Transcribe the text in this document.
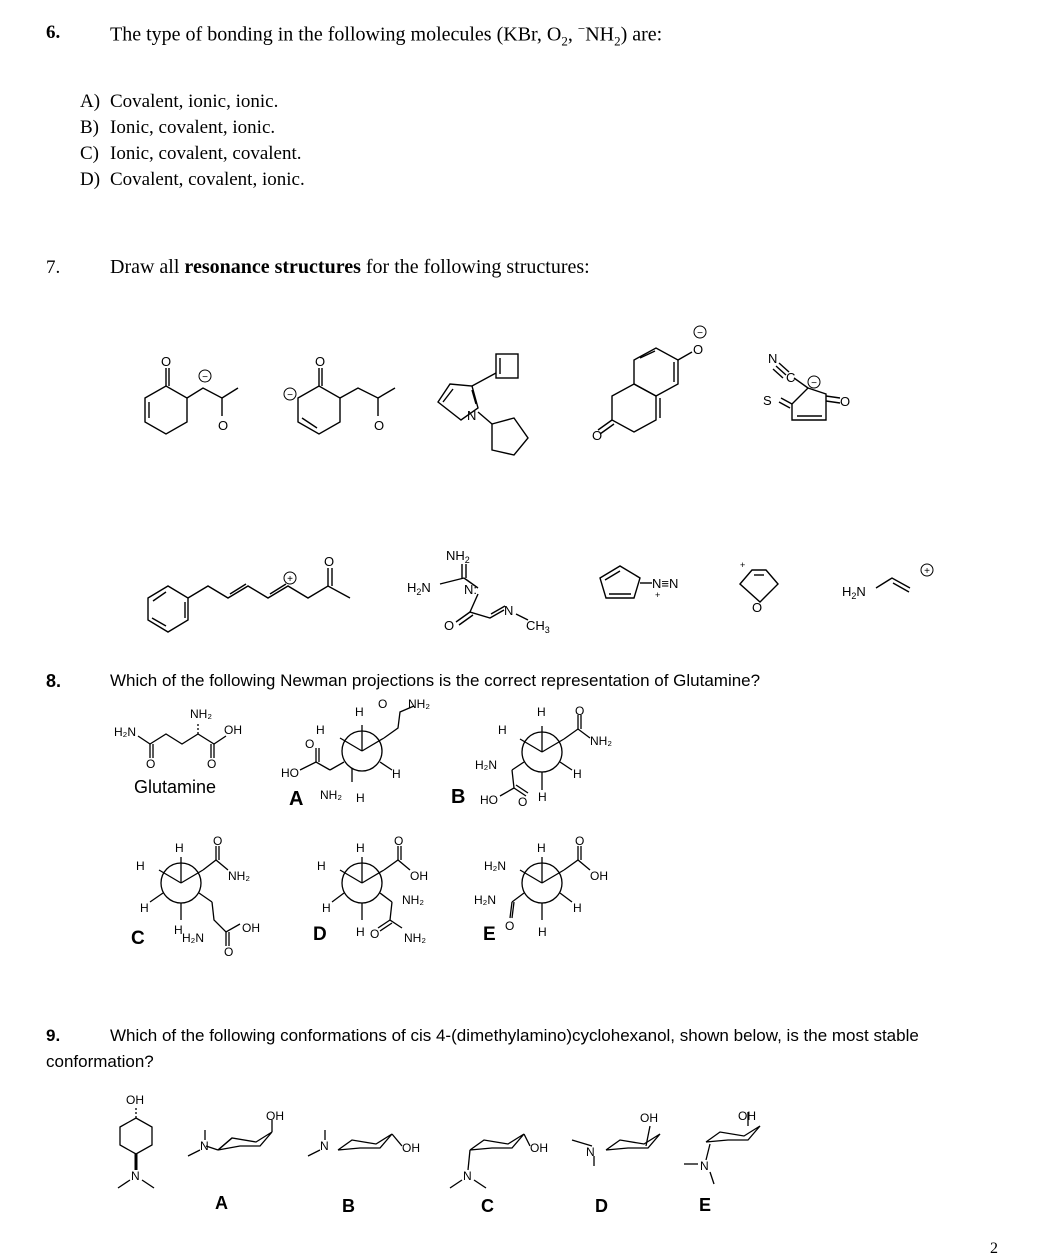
6. The type of bonding in the following molecules (KBr, $O_2$, $^-NH_2$) are:
A) Covalent, ionic, ionic.
B) Ionic, covalent, ionic.
C) Ionic, covalent, covalent.
D) Covalent, covalent, ionic.
7. Draw all resonance structures for the following structures:
O
O
O
O
N
O
O
S	O
N
C
O	$NH_2$
$H_2N$	N:
O
N
$CH_3$
N≡N
+
+
O
$H_2N$
−
−
−
−
+
+
8.	Which of the following Newman projections is the correct representation of Glutamine?
H₂N
NH₂
OH
O	O
H
H
H
H
NH₂
HO
O
O NH₂
H
H
H
H
H₂N
HO O
O
NH₂
H
H
H
H
H₂N
O
NH₂
OH
O
H
H
H
H
O
OH
NH₂
O NH₂
H
H₂N
H
H
H₂N
O
O
OH
Glutamine
A	B
C	D	E
9.	Which of the following conformations of cis 4-(dimethylamino)cyclohexanol, shown below, is the most stable
conformation?
OH
N
OH
N	N	OH	OH
N
N
OH	OH
N
A	B	C	D	E
2
